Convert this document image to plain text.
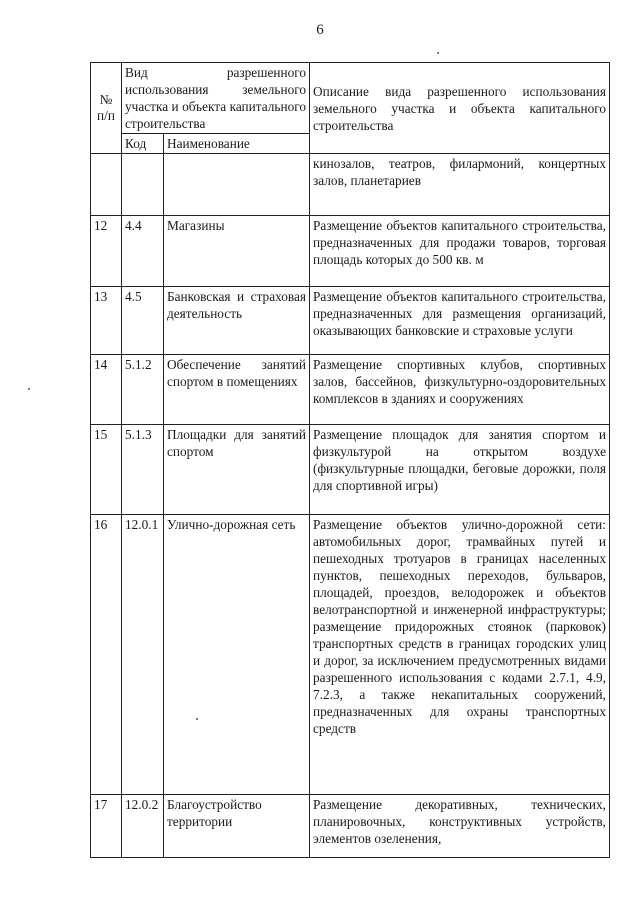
6
№ п/п	Вид разрешенного использования земельного участка и объекта капитального строительства		Описание вида разрешенного использования земельного участка и объекта капитального строительства
	Код	Наименование	
			кинозалов, театров, филармоний, концертных залов, планетариев
12	4.4	Магазины	Размещение объектов капитального строительства, предназначенных для продажи товаров, торговая площадь которых до 500 кв. м
13	4.5	Банковская и страховая деятельность	Размещение объектов капитального строительства, предназначенных для размещения организаций, оказывающих банковские и страховые услуги
14	5.1.2	Обеспечение занятий спортом в помещениях	Размещение спортивных клубов, спортивных залов, бассейнов, физкультурно-оздоровительных комплексов в зданиях и сооружениях
15	5.1.3	Площадки для занятий спортом	Размещение площадок для занятия спортом и физкультурой на открытом воздухе (физкультурные площадки, беговые дорожки, поля для спортивной игры)
16	12.0.1	Улично-дорожная сеть	Размещение объектов улично-дорожной сети: автомобильных дорог, трамвайных путей и пешеходных тротуаров в границах населенных пунктов, пешеходных переходов, бульваров, площадей, проездов, велодорожек и объектов велотранспортной и инженерной инфраструктуры; размещение придорожных стоянок (парковок) транспортных средств в границах городских улиц и дорог, за исключением предусмотренных видами разрешенного использования с кодами 2.7.1, 4.9, 7.2.3, а также некапитальных сооружений, предназначенных для охраны транспортных средств
17	12.0.2	Благоустройство территории	Размещение декоративных, технических, планировочных, конструктивных устройств, элементов озеленения,
